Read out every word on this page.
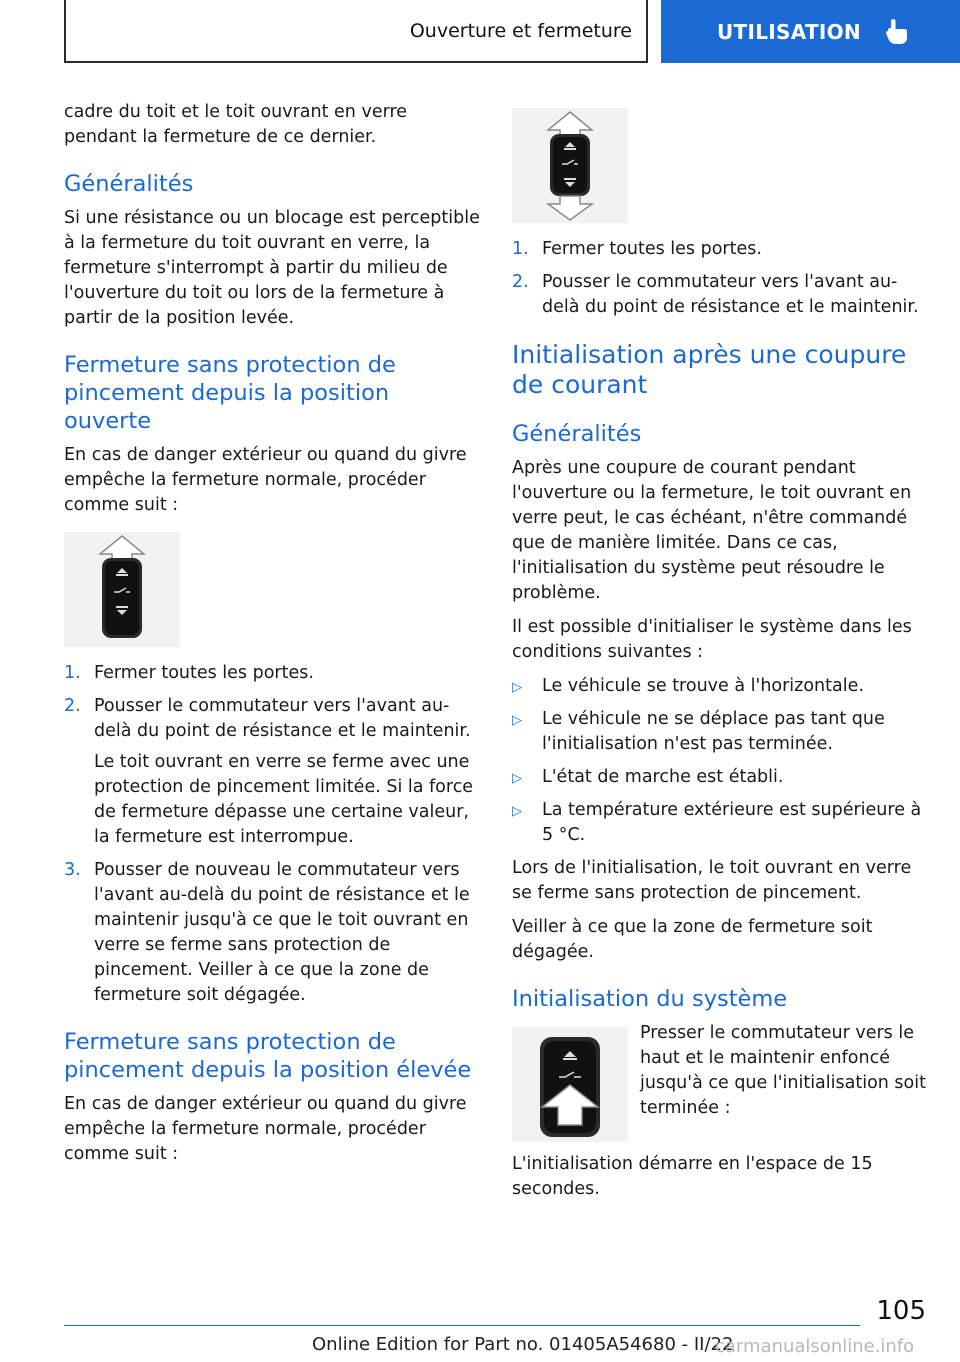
Ouverture et fermeture	UTILISATION

cadre du toit et le toit ouvrant en verre pendant la fermeture de ce dernier.

Généralités

Si une résistance ou un blocage est perceptible à la fermeture du toit ouvrant en verre, la fermeture s'interrompt à partir du milieu de l'ouverture du toit ou lors de la fermeture à partir de la position levée.

Fermeture sans protection de pincement depuis la position ouverte

En cas de danger extérieur ou quand du givre empêche la fermeture normale, procéder comme suit :

1. Fermer toutes les portes.
2. Pousser le commutateur vers l'avant au-delà du point de résistance et le maintenir.

Le toit ouvrant en verre se ferme avec une protection de pincement limitée. Si la force de fermeture dépasse une certaine valeur, la fermeture est interrompue.

3. Pousser de nouveau le commutateur vers l'avant au-delà du point de résistance et le maintenir jusqu'à ce que le toit ouvrant en verre se ferme sans protection de pincement. Veiller à ce que la zone de fermeture soit dégagée.
Fermeture sans protection de pincement depuis la position élevée

En cas de danger extérieur ou quand du givre empêche la fermeture normale, procéder comme suit :

1. Fermer toutes les portes.
2. Pousser le commutateur vers l'avant au-delà du point de résistance et le maintenir.
Initialisation après une coupure de courant
Généralités

Après une coupure de courant pendant l'ouverture ou la fermeture, le toit ouvrant en verre peut, le cas échéant, n'être commandé que de manière limitée. Dans ce cas, l'initialisation du système peut résoudre le problème.

Il est possible d'initialiser le système dans les conditions suivantes :

▷ Le véhicule se trouve à l'horizontale.
▷ Le véhicule ne se déplace pas tant que l'initialisation n'est pas terminée.
▷ L'état de marche est établi.
▷ La température extérieure est supérieure à 5 °C.

Lors de l'initialisation, le toit ouvrant en verre se ferme sans protection de pincement.

Veiller à ce que la zone de fermeture soit dégagée.

Initialisation du système

Presser le commutateur vers le haut et le maintenir enfoncé jusqu'à ce que l'initialisation soit terminée :

L'initialisation démarre en l'espace de 15 secondes.

105
Online Edition for Part no. 01405A54680 - II/22
carmanualsonline.info
